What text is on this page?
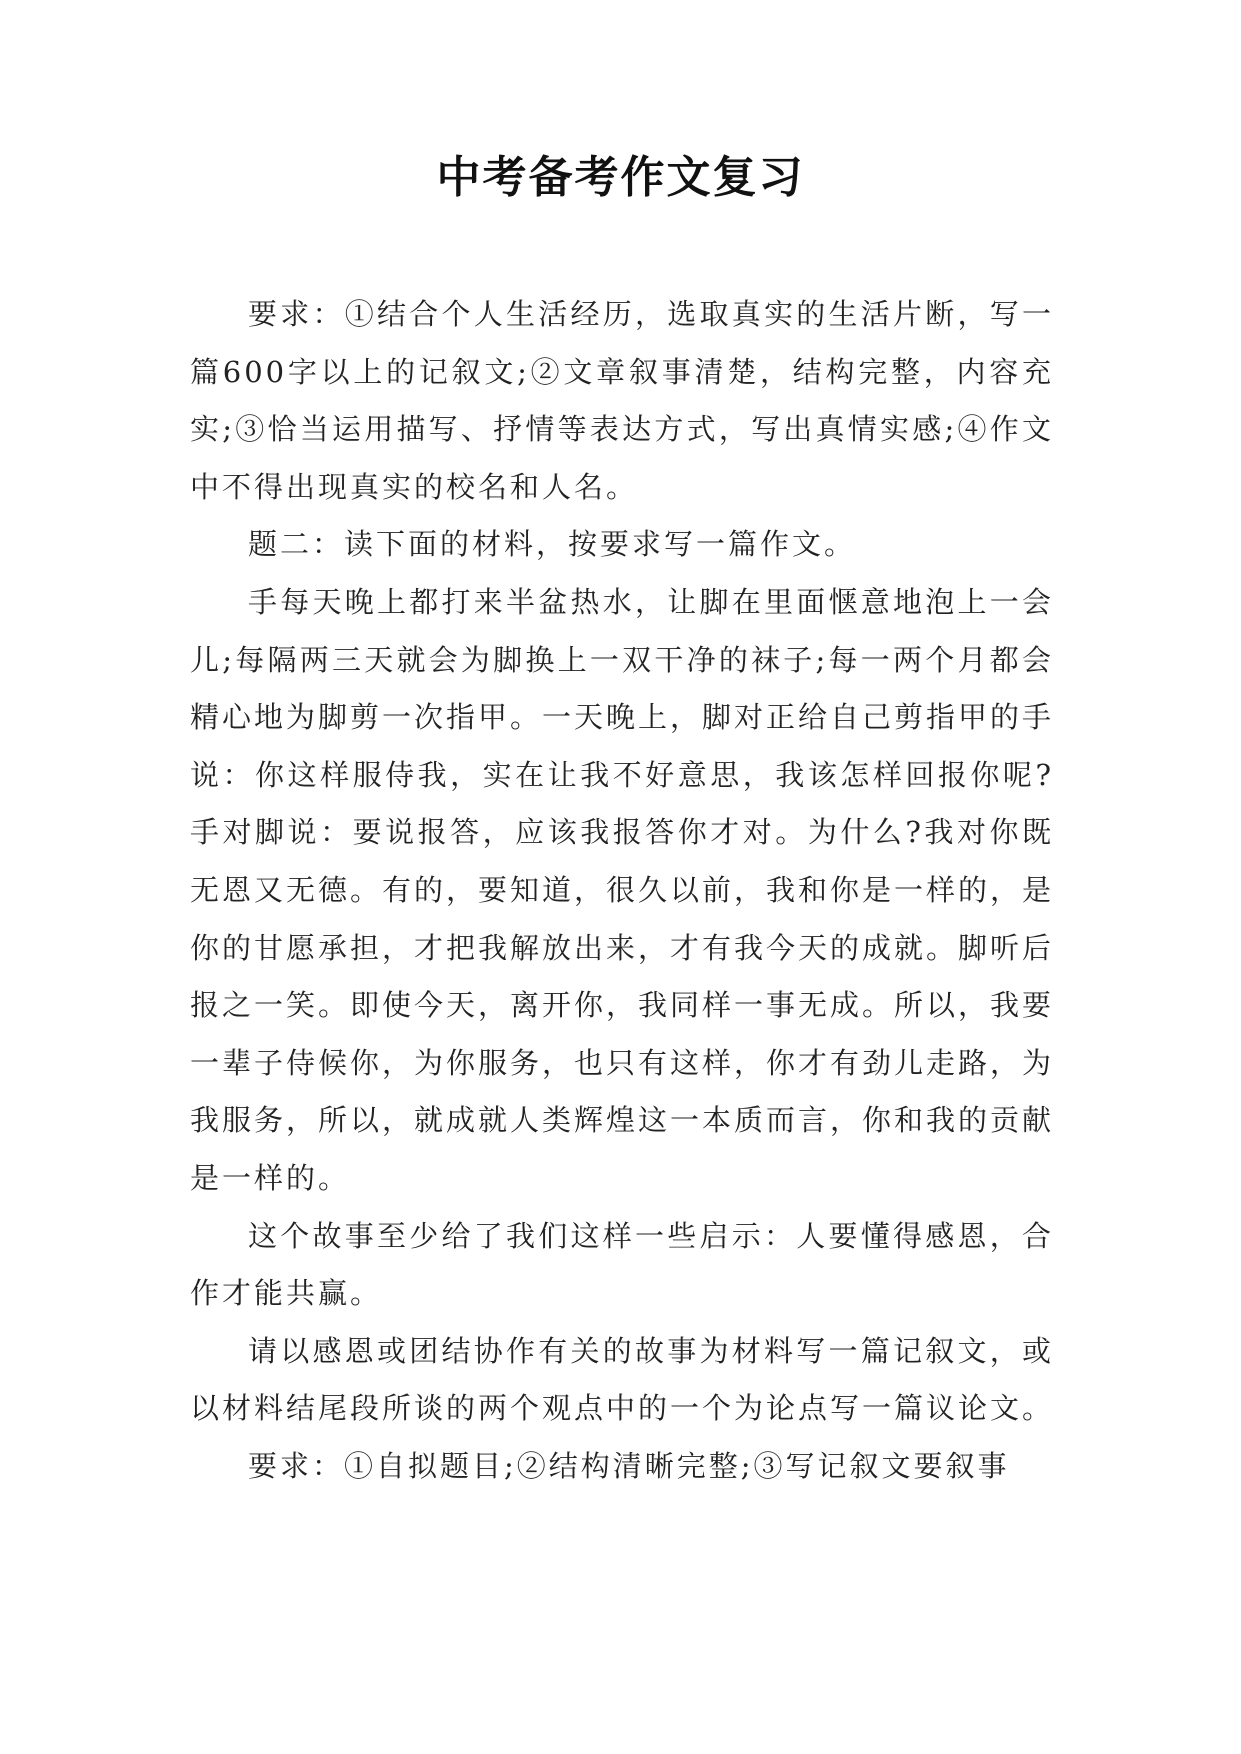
中考备考作文复习

要求：①结合个人生活经历，选取真实的生活片断，写一篇600字以上的记叙文;②文章叙事清楚，结构完整，内容充实;③恰当运用描写、抒情等表达方式，写出真情实感;④作文中不得出现真实的校名和人名。

题二：读下面的材料，按要求写一篇作文。

手每天晚上都打来半盆热水，让脚在里面惬意地泡上一会儿;每隔两三天就会为脚换上一双干净的袜子;每一两个月都会精心地为脚剪一次指甲。一天晚上，脚对正给自己剪指甲的手说：你这样服侍我，实在让我不好意思，我该怎样回报你呢?手对脚说：要说报答，应该我报答你才对。为什么?我对你既无恩又无德。有的，要知道，很久以前，我和你是一样的，是你的甘愿承担，才把我解放出来，才有我今天的成就。脚听后报之一笑。即使今天，离开你，我同样一事无成。所以，我要一辈子侍候你，为你服务，也只有这样，你才有劲儿走路，为我服务，所以，就成就人类辉煌这一本质而言，你和我的贡献是一样的。

这个故事至少给了我们这样一些启示：人要懂得感恩，合作才能共赢。

请以感恩或团结协作有关的故事为材料写一篇记叙文，或以材料结尾段所谈的两个观点中的一个为论点写一篇议论文。

要求：①自拟题目;②结构清晰完整;③写记叙文要叙事
